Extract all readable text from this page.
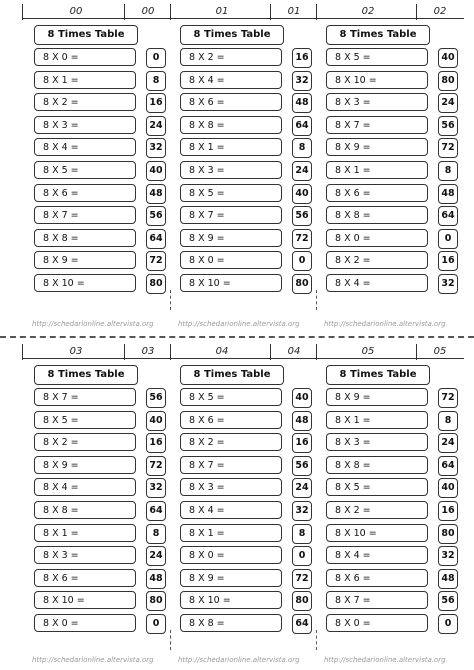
00	00
8 Times Table
8 X 0 =	0
8 X 1 =	8
8 X 2 =	16
8 X 3 =	24
8 X 4 =	32
8 X 5 =	40
8 X 6 =	48
8 X 7 =	56
8 X 8 =	64
8 X 9 =	72
8 X 10 =	80
http://schedarionline.altervista.org
01	01
8 Times Table
8 X 2 =	16
8 X 4 =	32
8 X 6 =	48
8 X 8 =	64
8 X 1 =	8
8 X 3 =	24
8 X 5 =	40
8 X 7 =	56
8 X 9 =	72
8 X 0 =	0
8 X 10 =	80
http://schedarionline.altervista.org
02	02
8 Times Table
8 X 5 =	40
8 X 10 =	80
8 X 3 =	24
8 X 7 =	56
8 X 9 =	72
8 X 1 =	8
8 X 6 =	48
8 X 8 =	64
8 X 0 =	0
8 X 2 =	16
8 X 4 =	32
http://schedarionline.altervista.org
03	03
8 Times Table
8 X 7 =	56
8 X 5 =	40
8 X 2 =	16
8 X 9 =	72
8 X 4 =	32
8 X 8 =	64
8 X 1 =	8
8 X 3 =	24
8 X 6 =	48
8 X 10 =	80
8 X 0 =	0
http://schedarionline.altervista.org
04	04
8 Times Table
8 X 5 =	40
8 X 6 =	48
8 X 2 =	16
8 X 7 =	56
8 X 3 =	24
8 X 4 =	32
8 X 1 =	8
8 X 0 =	0
8 X 9 =	72
8 X 10 =	80
8 X 8 =	64
http://schedarionline.altervista.org
05	05
8 Times Table
8 X 9 =	72
8 X 1 =	8
8 X 3 =	24
8 X 8 =	64
8 X 5 =	40
8 X 2 =	16
8 X 10 =	80
8 X 4 =	32
8 X 6 =	48
8 X 7 =	56
8 X 0 =	0
http://schedarionline.altervista.org
